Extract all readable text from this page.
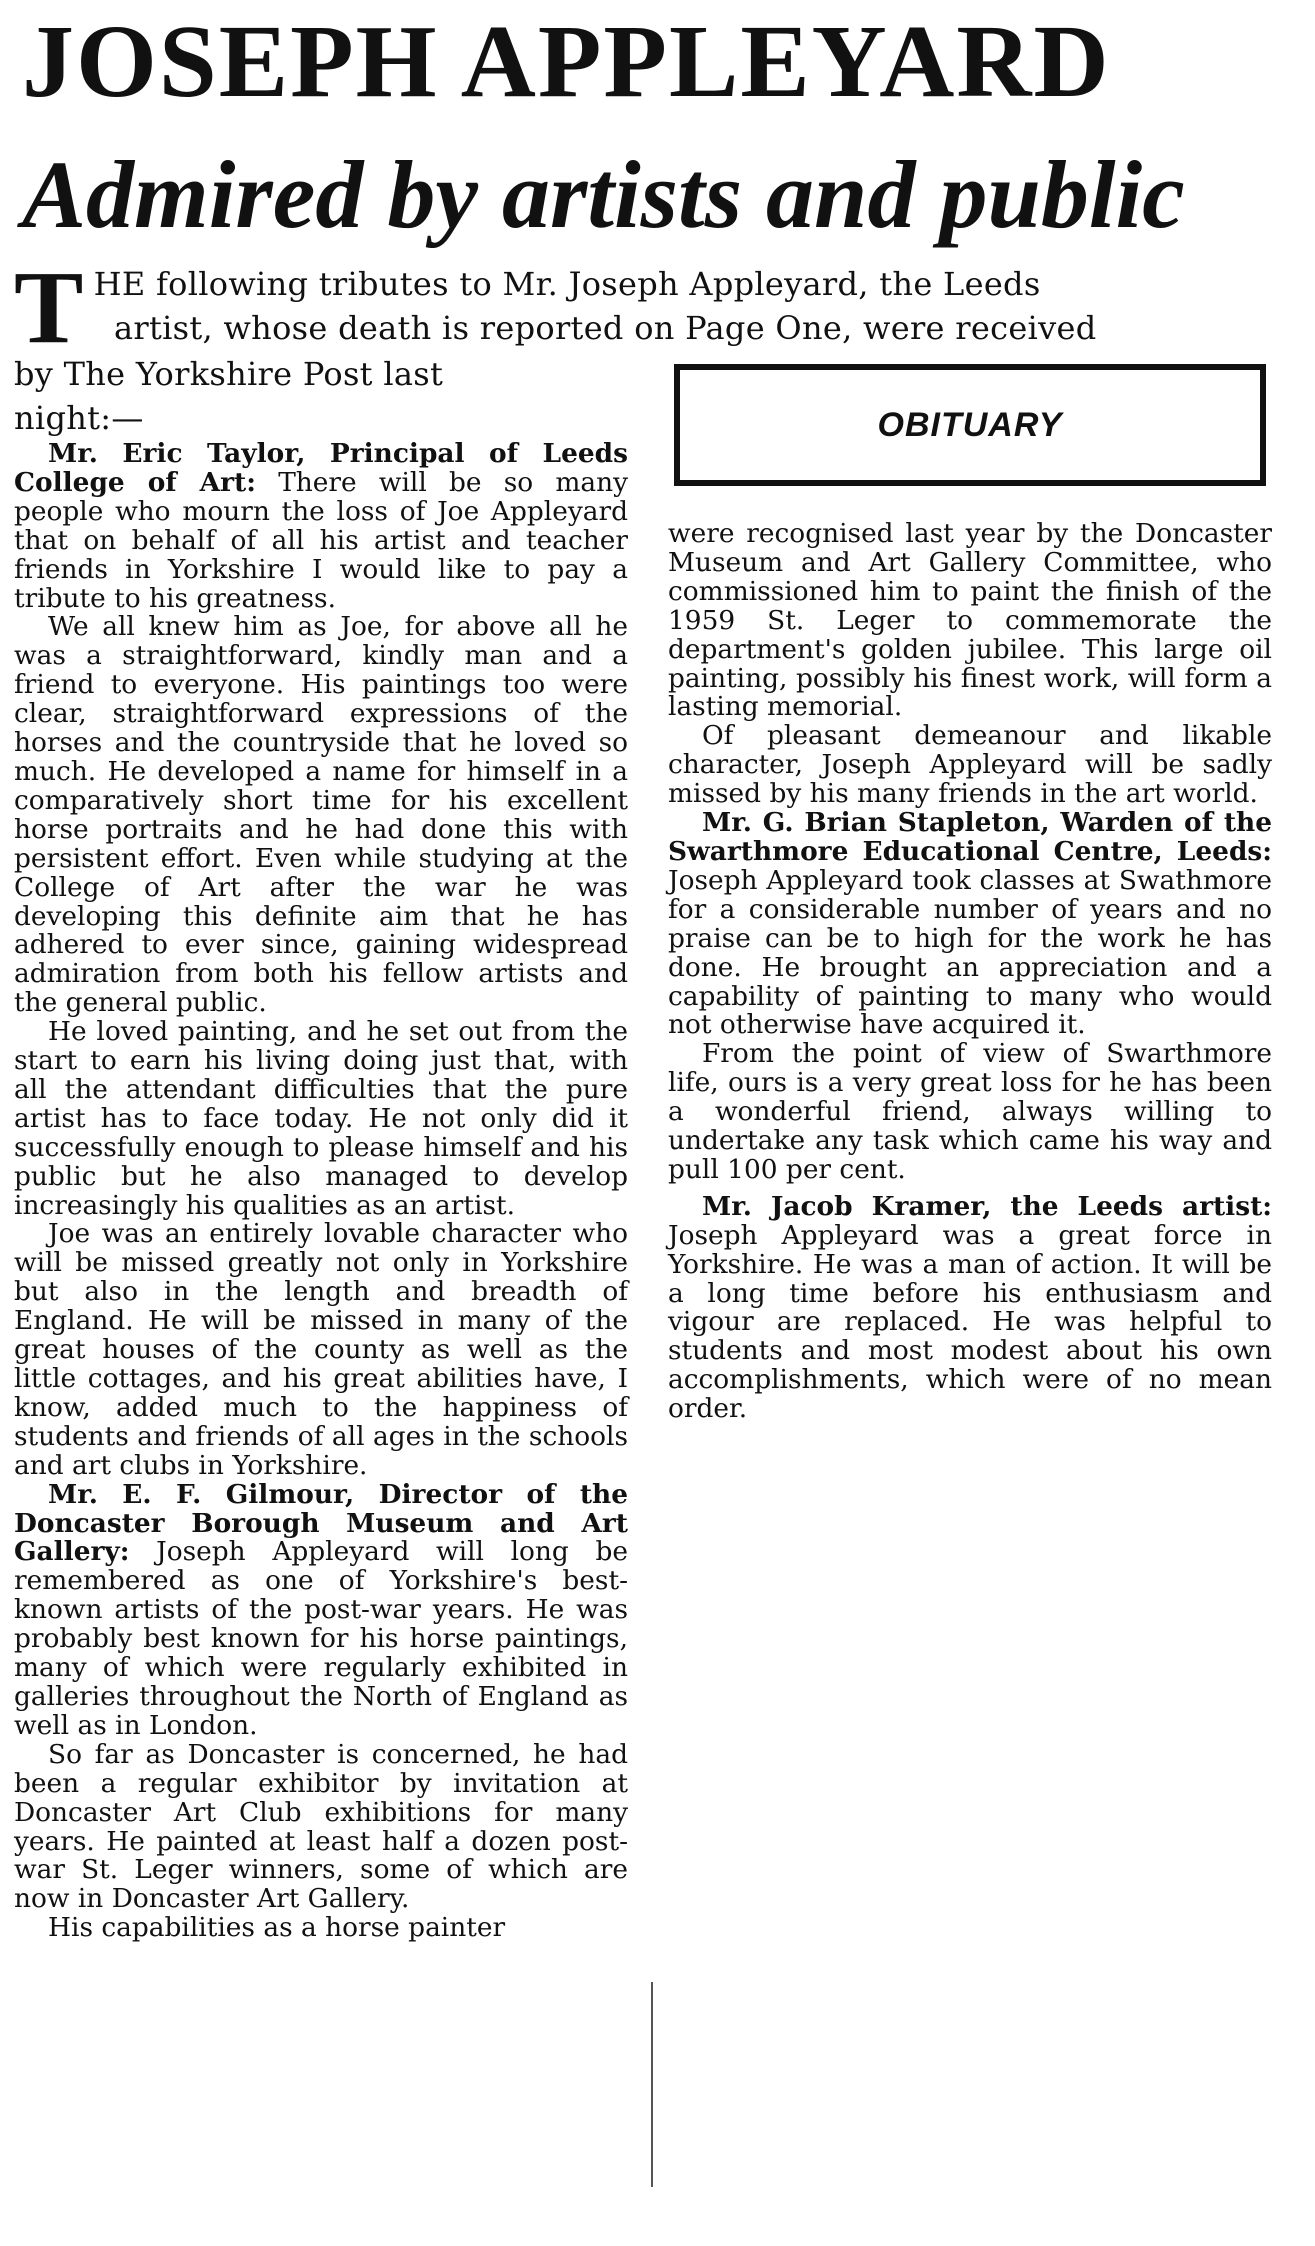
JOSEPH APPLEYARD
Admired by artists and public
T HE following tributes to Mr. Joseph Appleyard, the Leeds
artist, whose death is reported on Page One, were received
by The Yorkshire Post last
night:—

Mr. Eric Taylor, Principal of Leeds College of Art: There will be so many people who mourn the loss of Joe Appleyard that on behalf of all his artist and teacher friends in Yorkshire I would like to pay a tribute to his greatness.

We all knew him as Joe, for above all he was a straightforward, kindly man and a friend to everyone. His paintings too were clear, straightforward expressions of the horses and the countryside that he loved so much. He developed a name for himself in a comparatively short time for his excellent horse portraits and he had done this with persistent effort. Even while studying at the College of Art after the war he was developing this definite aim that he has adhered to ever since, gaining widespread admiration from both his fellow artists and the general public.

He loved painting, and he set out from the start to earn his living doing just that, with all the attendant difficulties that the pure artist has to face today. He not only did it successfully enough to please himself and his public but he also managed to develop increasingly his qualities as an artist.

Joe was an entirely lovable character who will be missed greatly not only in Yorkshire but also in the length and breadth of England. He will be missed in many of the great houses of the county as well as the little cottages, and his great abilities have, I know, added much to the happiness of students and friends of all ages in the schools and art clubs in Yorkshire.

Mr. E. F. Gilmour, Director of the Doncaster Borough Museum and Art Gallery: Joseph Appleyard will long be remembered as one of Yorkshire's best-known artists of the post-war years. He was probably best known for his horse paintings, many of which were regularly exhibited in galleries throughout the North of England as well as in London.

So far as Doncaster is concerned, he had been a regular exhibitor by invitation at Doncaster Art Club exhibitions for many years. He painted at least half a dozen post-war St. Leger winners, some of which are now in Doncaster Art Gallery.

His capabilities as a horse painter

OBITUARY

were recognised last year by the Doncaster Museum and Art Gallery Committee, who commissioned him to paint the finish of the 1959 St. Leger to commemorate the department's golden jubilee. This large oil painting, possibly his finest work, will form a lasting memorial.

Of pleasant demeanour and likable character, Joseph Appleyard will be sadly missed by his many friends in the art world.

Mr. G. Brian Stapleton, Warden of the Swarthmore Educational Centre, Leeds: Joseph Appleyard took classes at Swathmore for a considerable number of years and no praise can be to high for the work he has done. He brought an appreciation and a capability of painting to many who would not otherwise have acquired it.

From the point of view of Swarthmore life, ours is a very great loss for he has been a wonderful friend, always willing to undertake any task which came his way and pull 100 per cent.

Mr. Jacob Kramer, the Leeds artist: Joseph Appleyard was a great force in Yorkshire. He was a man of action. It will be a long time before his enthusiasm and vigour are replaced. He was helpful to students and most modest about his own accomplishments, which were of no mean order.
